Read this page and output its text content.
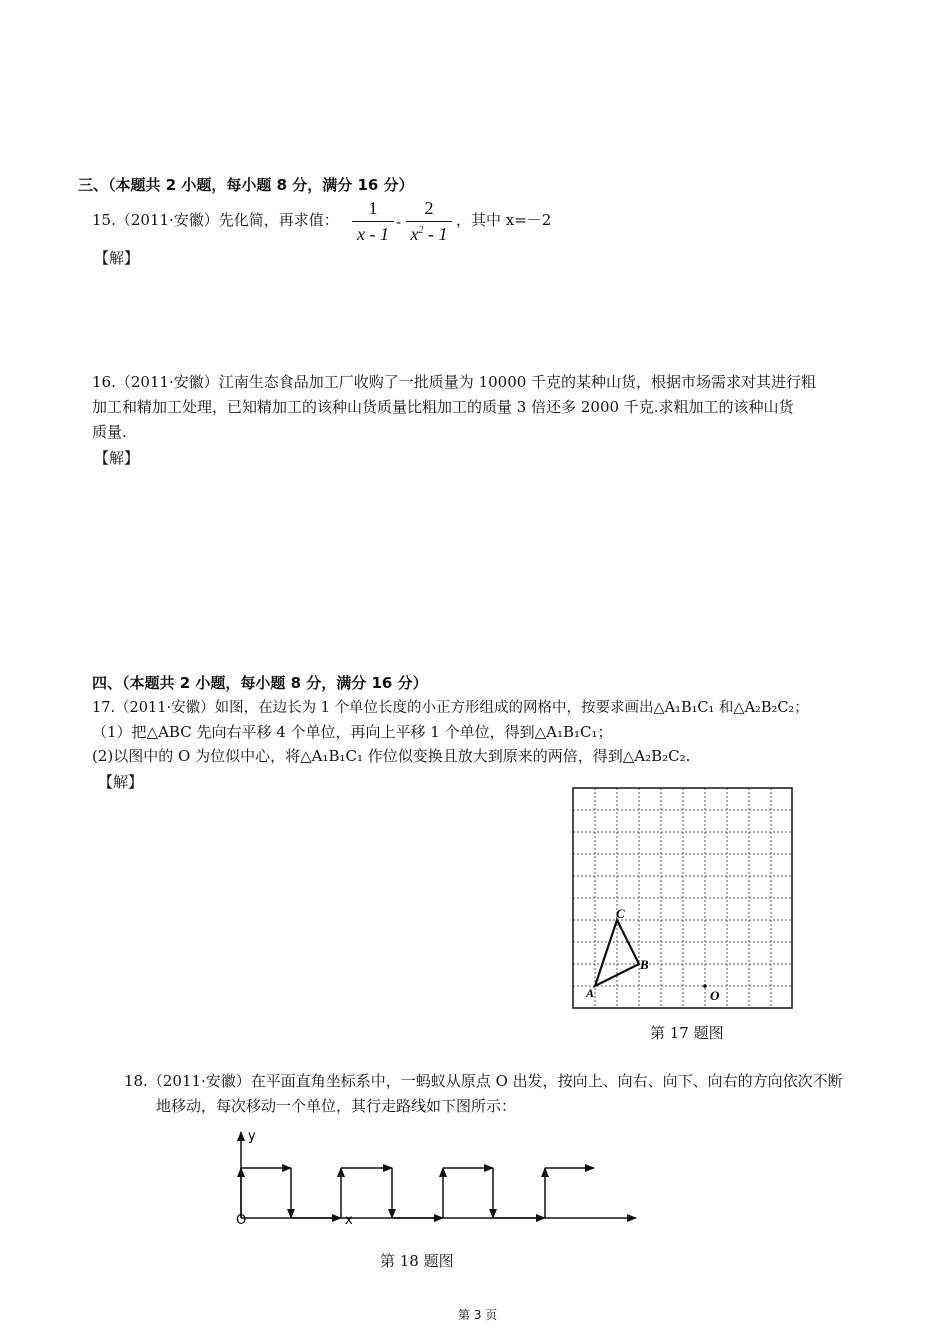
三、（本题共 2 小题，每小题 8 分，满分 16 分）
15.（2011·安徽）先化简，再求值：
1
x - 1
-
2
$x^2 - 1$
，其中 x=－2
【解】
16.（2011·安徽）江南生态食品加工厂收购了一批质量为 10000 千克的某种山货，根据市场需求对其进行粗
加工和精加工处理，已知精加工的该种山货质量比粗加工的质量 3 倍还多 2000 千克.求粗加工的该种山货
质量.
【解】
四、（本题共 2 小题，每小题 8 分，满分 16 分）
17.（2011·安徽）如图，在边长为 1 个单位长度的小正方形组成的网格中，按要求画出△A₁B₁C₁ 和△A₂B₂C₂；
（1）把△ABC 先向右平移 4 个单位，再向上平移 1 个单位，得到△A₁B₁C₁；
(2)以图中的 O 为位似中心，将△A₁B₁C₁ 作位似变换且放大到原来的两倍，得到△A₂B₂C₂.
【解】
A
B
C
O
第 17 题图
18.（2011·安徽）在平面直角坐标系中，一蚂蚁从原点 O 出发，按向上、向右、向下、向右的方向依次不断
地移动，每次移动一个单位，其行走路线如下图所示：
y
x
O
第 18 题图
第 3 页
